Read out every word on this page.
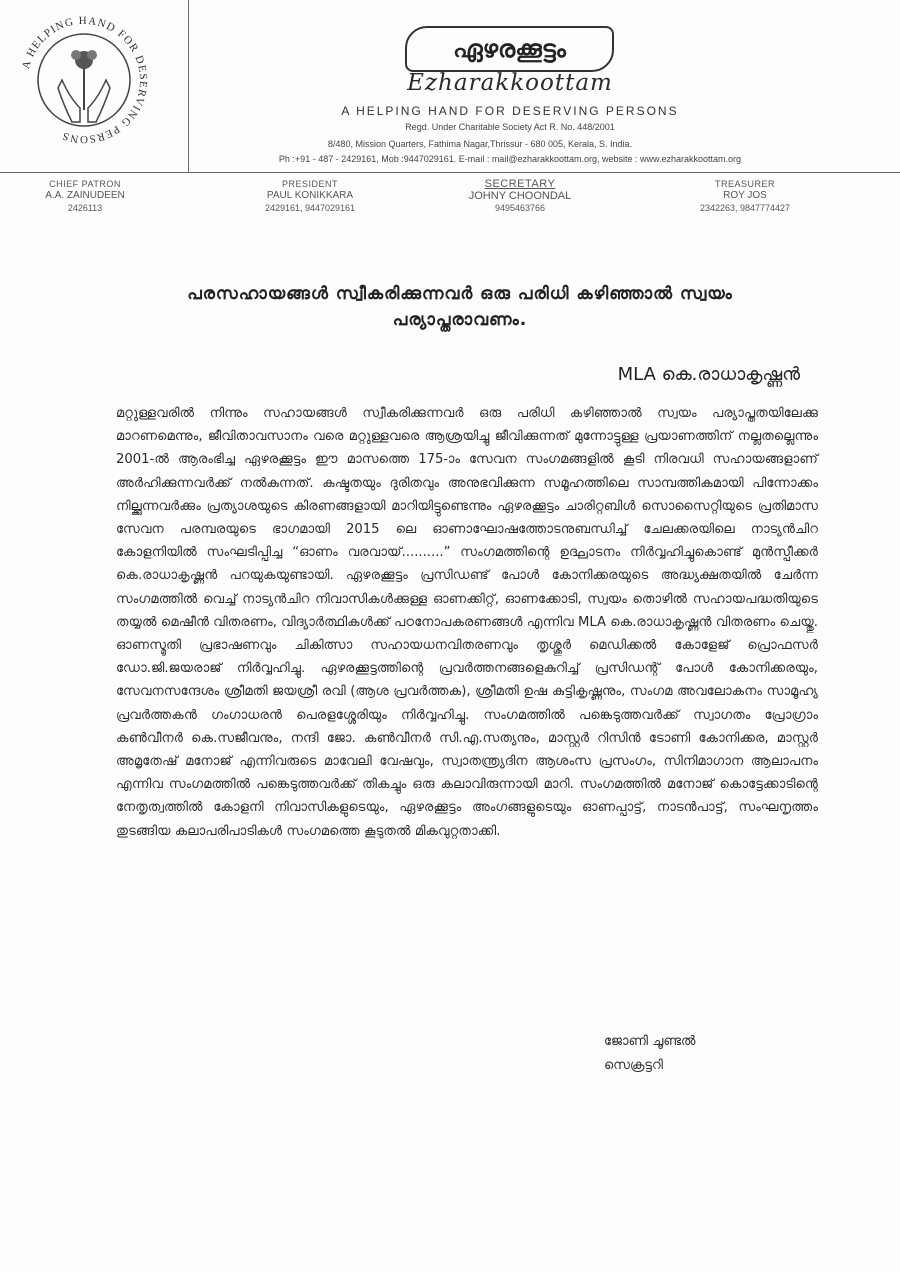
A HELPING HAND FOR DESERVING PERSONS
ഏഴരക്കൂട്ടം
Ezharakkoottam
A HELPING HAND FOR DESERVING PERSONS
Regd. Under Charitable Society Act R. No. 448/2001
8/480, Mission Quarters, Fathima Nagar,Thrissur - 680 005, Kerala, S. India.
Ph :+91 - 487 - 2429161, Mob :9447029161. E-mail : mail@ezharakkoottam.org, website : www.ezharakkoottam.org
CHIEF PATRON
A.A. ZAINUDEEN
2426113
PRESIDENT
PAUL KONIKKARA
2429161, 9447029161
SECRETARY
JOHNY CHOONDAL
9495463766
TREASURER
ROY JOS
2342263, 9847774427
പരസഹായങ്ങൾ സ്വീകരിക്കുന്നവർ ഒരു പരിധി കഴിഞ്ഞാൽ സ്വയം
പര്യാപ്തരാവണം.
MLA കെ.രാധാകൃഷ്ണൻ

മറ്റുള്ളവരിൽ നിന്നും സഹായങ്ങൾ സ്വീകരിക്കുന്നവർ ഒരു പരിധി കഴിഞ്ഞാൽ സ്വയം പര്യാപ്തതയിലേക്കു മാറണമെന്നും, ജീവിതാവസാനം വരെ മറ്റുള്ളവരെ ആശ്രയിച്ചു ജീവിക്കുന്നത് മുന്നോട്ടുള്ള പ്രയാണത്തിന് നല്ലതല്ലെന്നും 2001-ൽ ആരംഭിച്ച ഏഴരക്കൂട്ടം ഈ മാസത്തെ 175-ാം സേവന സംഗമങ്ങളിൽ കൂടി നിരവധി സഹായങ്ങളാണ് അർഹിക്കുന്നവർക്ക് നൽകുന്നത്. കഷ്ടതയും ദുരിതവും അനുഭവിക്കുന്ന സമൂഹത്തിലെ സാമ്പത്തികമായി പിന്നോക്കം നില്ക്കുന്നവർക്കും പ്രത്യാശയുടെ കിരണങ്ങളായി മാറിയിട്ടുണ്ടെന്നും ഏഴരക്കൂട്ടം ചാരിറ്റബിൾ സൊസൈറ്റിയുടെ പ്രതിമാസ സേവന പരമ്പരയുടെ ഭാഗമായി 2015 ലെ ഓണാഘോഷത്തോടനുബന്ധിച്ച് ചേലക്കരയിലെ നാട്യൻചിറ കോളനിയിൽ സംഘടിപ്പിച്ച “ഓണം വരവായ്..........” സംഗമത്തിന്റെ ഉദ്ഘാടനം നിർവ്വഹിച്ചുകൊണ്ട് മുൻസ്പീക്കർ കെ.രാധാകൃഷ്ണൻ പറയുകയുണ്ടായി. ഏഴരക്കൂട്ടം പ്രസിഡണ്ട് പോൾ കോനിക്കരയുടെ അദ്ധ്യക്ഷതയിൽ ചേർന്ന സംഗമത്തിൽ വെച്ച് നാട്യൻചിറ നിവാസികൾക്കുള്ള ഓണക്കിറ്റ്, ഓണക്കോടി, സ്വയം തൊഴിൽ സഹായപദ്ധതിയുടെ തയ്യൽ മെഷീൻ വിതരണം, വിദ്യാർത്ഥികൾക്ക് പഠനോപകരണങ്ങൾ എന്നിവ MLA കെ.രാധാകൃഷ്ണൻ വിതരണം ചെയ്തു. ഓണസ്മൃതി പ്രഭാഷണവും ചികിത്സാ സഹായധനവിതരണവും തൃശ്ശൂർ മെഡിക്കൽ കോളേജ് പ്രൊഫസർ ഡോ.ജി.ജയരാജ് നിർവ്വഹിച്ചു. ഏഴരക്കൂട്ടത്തിന്റെ പ്രവർത്തനങ്ങളെകുറിച്ച് പ്രസിഡന്റ് പോൾ കോനിക്കരയും, സേവനസന്ദേശം ശ്രീമതി ജയശ്രീ രവി (ആശ പ്രവർത്തക), ശ്രീമതി ഉഷ കുട്ടികൃഷ്ണനും, സംഗമ അവലോകനം സാമൂഹ്യ പ്രവർത്തകൻ ഗംഗാധരൻ പെരളശ്ശേരിയും നിർവ്വഹിച്ചു. സംഗമത്തിൽ പങ്കെടുത്തവർക്ക് സ്വാഗതം പ്രോഗ്രാം കൺവീനർ കെ.സജീവനും, നന്ദി ജോ. കൺവീനർ സി.എ.സത്യനും, മാസ്റ്റർ റിസിൻ ടോണി കോനിക്കര, മാസ്റ്റർ അമൃതേഷ് മനോജ് എന്നിവരുടെ മാവേലി വേഷവും, സ്വാതന്ത്ര്യദിന ആശംസ പ്രസംഗം, സിനിമാഗാന ആലാപനം എന്നിവ സംഗമത്തിൽ പങ്കെടുത്തവർക്ക് തികച്ചും ഒരു കലാവിരുന്നായി മാറി. സംഗമത്തിൽ മനോജ് കൊട്ടേക്കാടിന്റെ നേതൃത്വത്തിൽ കോളനി നിവാസികളുടെയും, ഏഴരക്കൂട്ടം അംഗങ്ങളുടെയും ഓണപ്പാട്ട്, നാടൻപാട്ട്, സംഘനൃത്തം തുടങ്ങിയ കലാപരിപാടികൾ സംഗമത്തെ കൂടുതൽ മികവുറ്റതാക്കി.

ജോണി ചൂണ്ടൽ
സെക്രട്ടറി
